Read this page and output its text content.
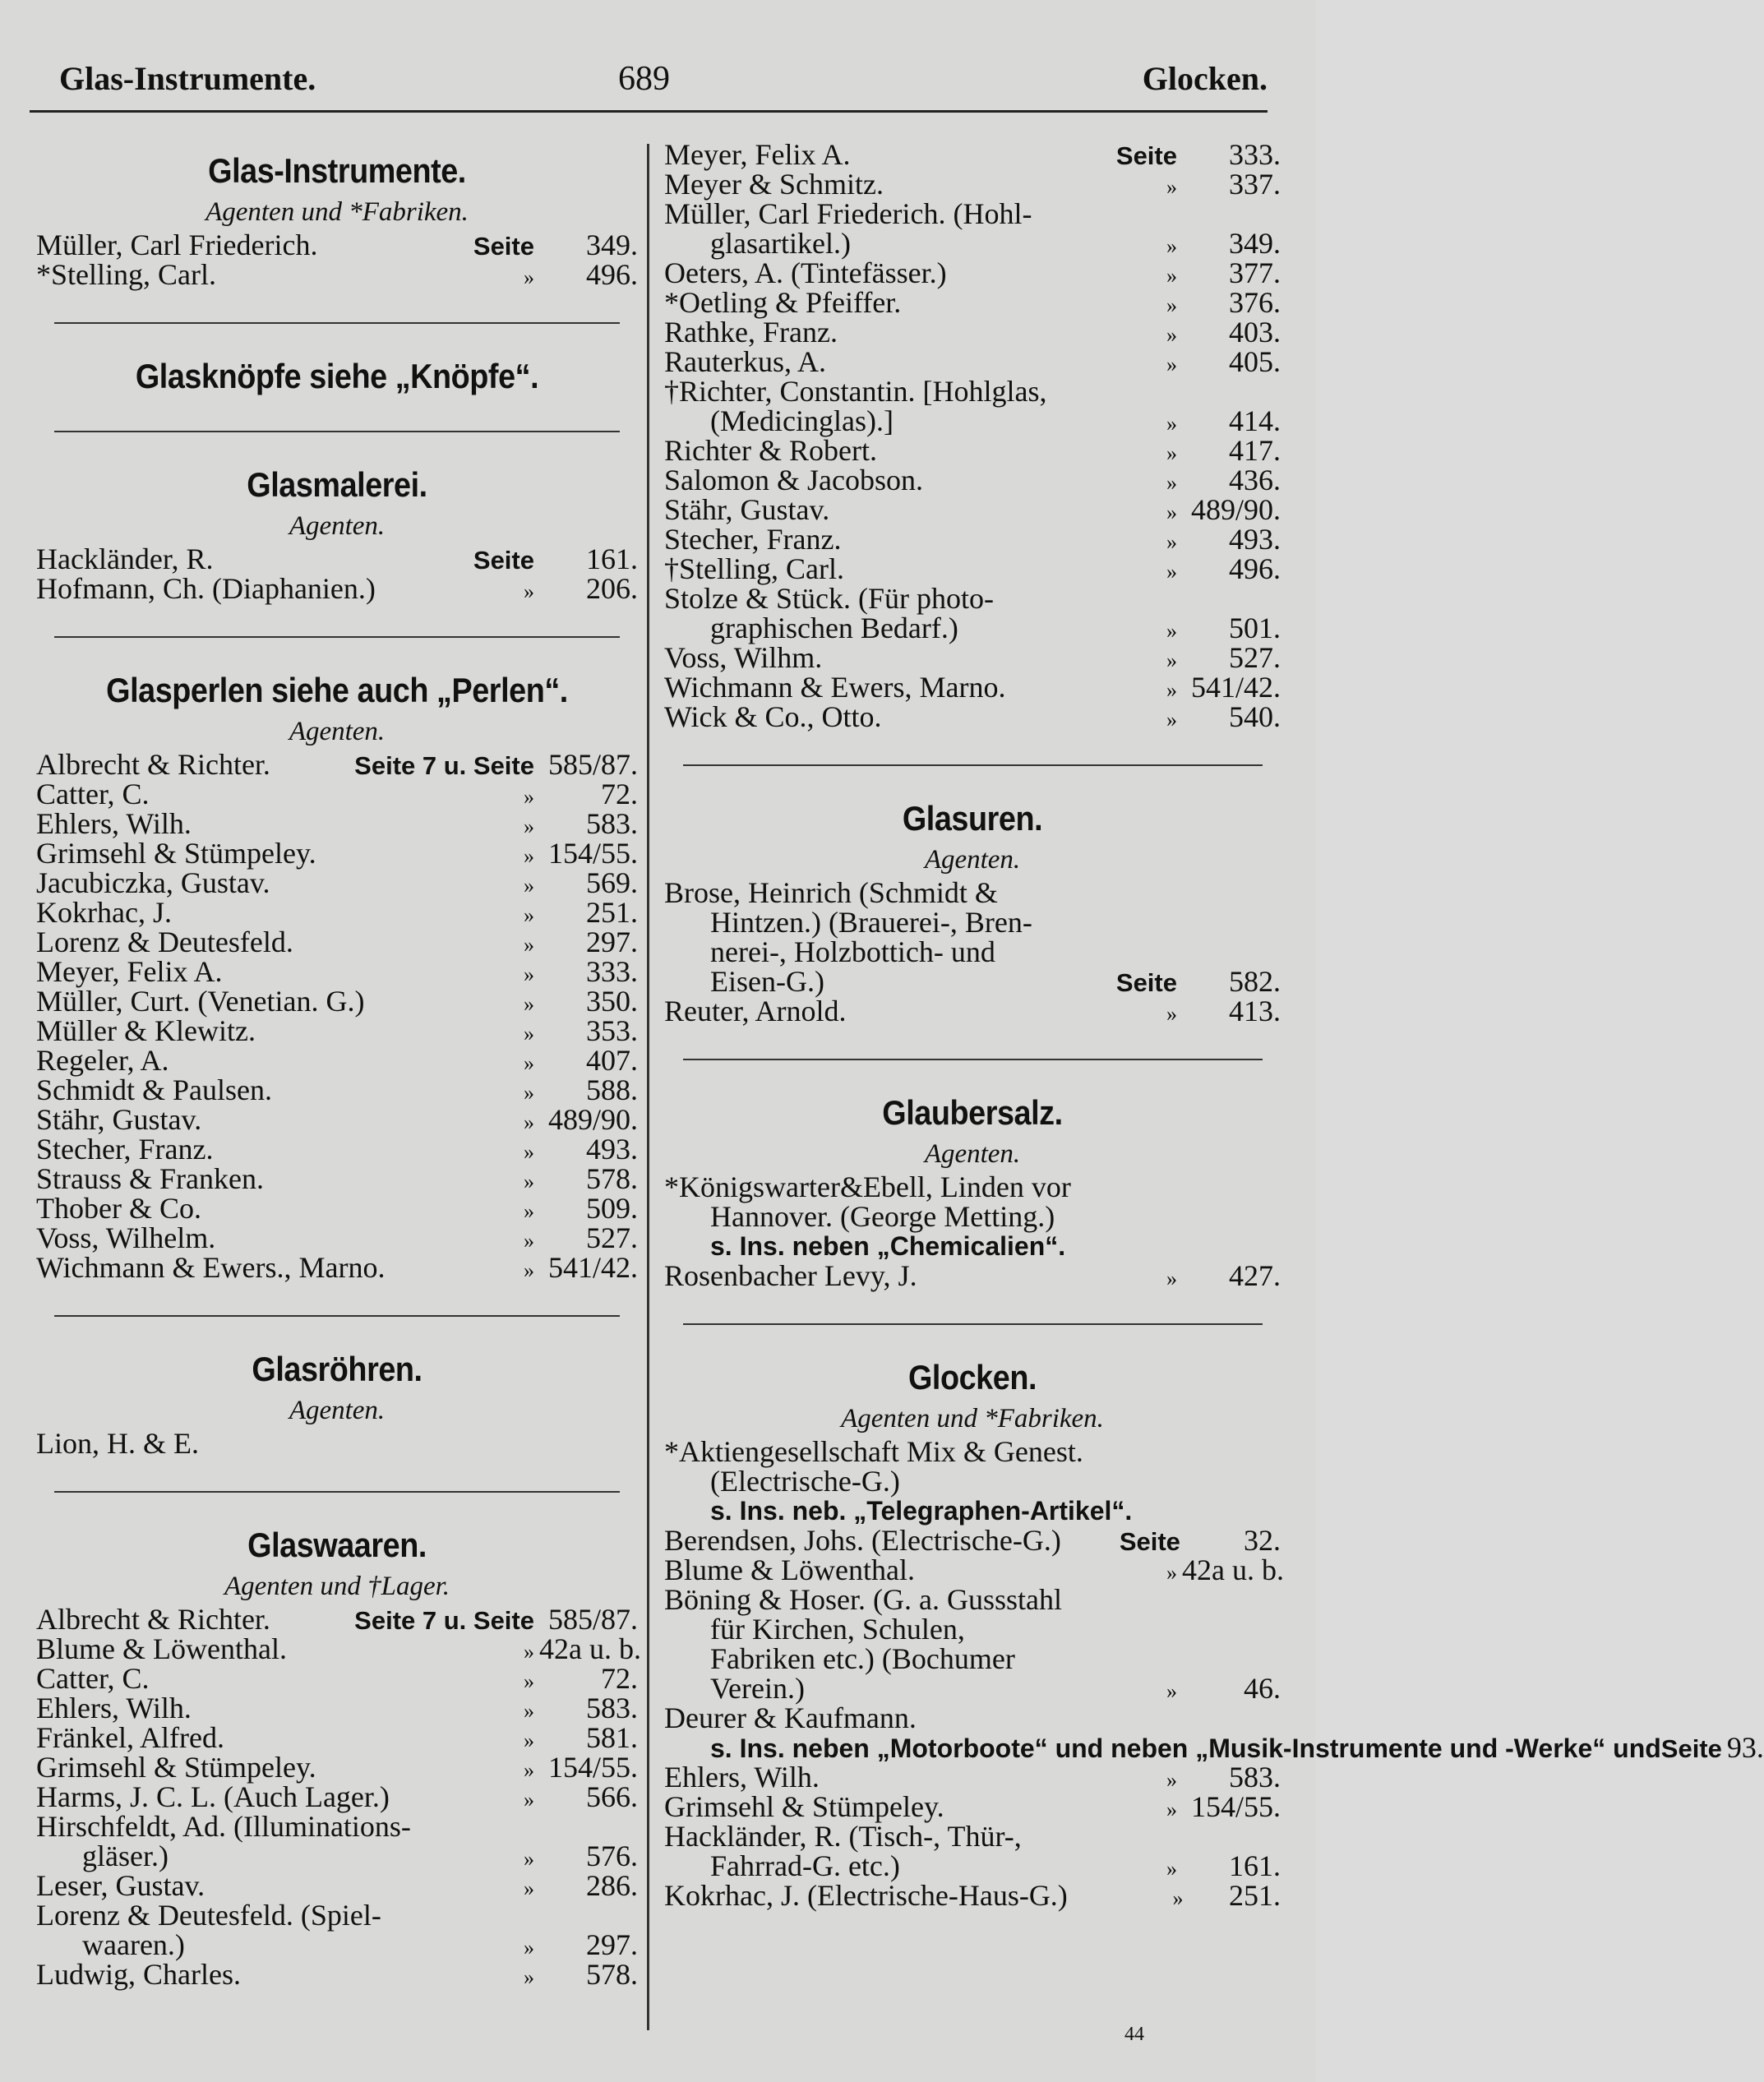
Glas-Instrumente.	689	Glocken.
Glas-Instrumente.
Agenten und *Fabriken.
Müller, Carl Friederich.	Seite	349.
*Stelling, Carl.	»	496.
Glasknöpfe siehe „Knöpfe“.
Glasmalerei.
Agenten.
Hackländer, R.	Seite	161.
Hofmann, Ch. (Diaphanien.)	»	206.
Glasperlen siehe auch „Perlen“.
Agenten.
Albrecht & Richter.	Seite 7 u. Seite 585/87.
Catter, C.	»	72.
Ehlers, Wilh.	»	583.
Grimsehl & Stümpeley.	» 154/55.
Jacubiczka, Gustav.	»	569.
Kokrhac, J.	»	251.
Lorenz & Deutesfeld.	»	297.
Meyer, Felix A.	»	333.
Müller, Curt. (Venetian. G.)	»	350.
Müller & Klewitz.	»	353.
Regeler, A.	»	407.
Schmidt & Paulsen.	»	588.
Stähr, Gustav.	» 489/90.
Stecher, Franz.	»	493.
Strauss & Franken.	»	578.
Thober & Co.	»	509.
Voss, Wilhelm.	»	527.
Wichmann & Ewers., Marno.	» 541/42.
Glasröhren.
Agenten.
Lion, H. & E.
Glaswaaren.
Agenten und †Lager.
Albrecht & Richter.	Seite 7 u. Seite 585/87.
Blume & Löwenthal.	» 42a u. b.
Catter, C.	»	72.
Ehlers, Wilh.	»	583.
Fränkel, Alfred.	»	581.
Grimsehl & Stümpeley.	» 154/55.
Harms, J. C. L. (Auch Lager.)	»	566.
Hirschfeldt, Ad. (Illuminations-
gläser.)	»	576.
Leser, Gustav.	»	286.
Lorenz & Deutesfeld. (Spiel-
waaren.)	»	297.
Ludwig, Charles.	»	578.
Meyer, Felix A.	Seite	333.
Meyer & Schmitz.	»	337.
Müller, Carl Friederich. (Hohl-
glasartikel.)	»	349.
Oeters, A. (Tintefässer.)	»	377.
*Oetling & Pfeiffer.	»	376.
Rathke, Franz.	»	403.
Rauterkus, A.	»	405.
†Richter, Constantin. [Hohlglas,
(Medicinglas).]	»	414.
Richter & Robert.	»	417.
Salomon & Jacobson.	»	436.
Stähr, Gustav.	» 489/90.
Stecher, Franz.	»	493.
†Stelling, Carl.	»	496.
Stolze & Stück. (Für photo-
graphischen Bedarf.)	»	501.
Voss, Wilhm.	»	527.
Wichmann & Ewers, Marno.	» 541/42.
Wick & Co., Otto.	»	540.
Glasuren.
Agenten.
Brose, Heinrich (Schmidt &
Hintzen.) (Brauerei-, Bren-
nerei-, Holzbottich- und
Eisen-G.)	Seite	582.
Reuter, Arnold.	»	413.
Glaubersalz.
Agenten.
*Königswarter&Ebell, Linden vor
Hannover. (George Metting.)
s. Ins. neben „Chemicalien“.
Rosenbacher Levy, J.	»	427.
Glocken.
Agenten und *Fabriken.
*Aktiengesellschaft Mix & Genest.
(Electrische-G.)
s. Ins. neb. „Telegraphen-Artikel“.
Berendsen, Johs. (Electrische-G.)	Seite	32.
Blume & Löwenthal.	» 42a u. b.
Böning & Hoser. (G. a. Gussstahl
für Kirchen, Schulen,
Fabriken etc.) (Bochumer
Verein.)	»	46.
Deurer & Kaufmann.
s. Ins. neben „Motorboote“ und neben „Musik-Instrumente und -Werke“ und Seite 93.
Ehlers, Wilh.	»	583.
Grimsehl & Stümpeley.	» 154/55.
Hackländer, R. (Tisch-, Thür-,
Fahrrad-G. etc.)	»	161.
Kokrhac, J. (Electrische-Haus-G.)	»	251.
44
